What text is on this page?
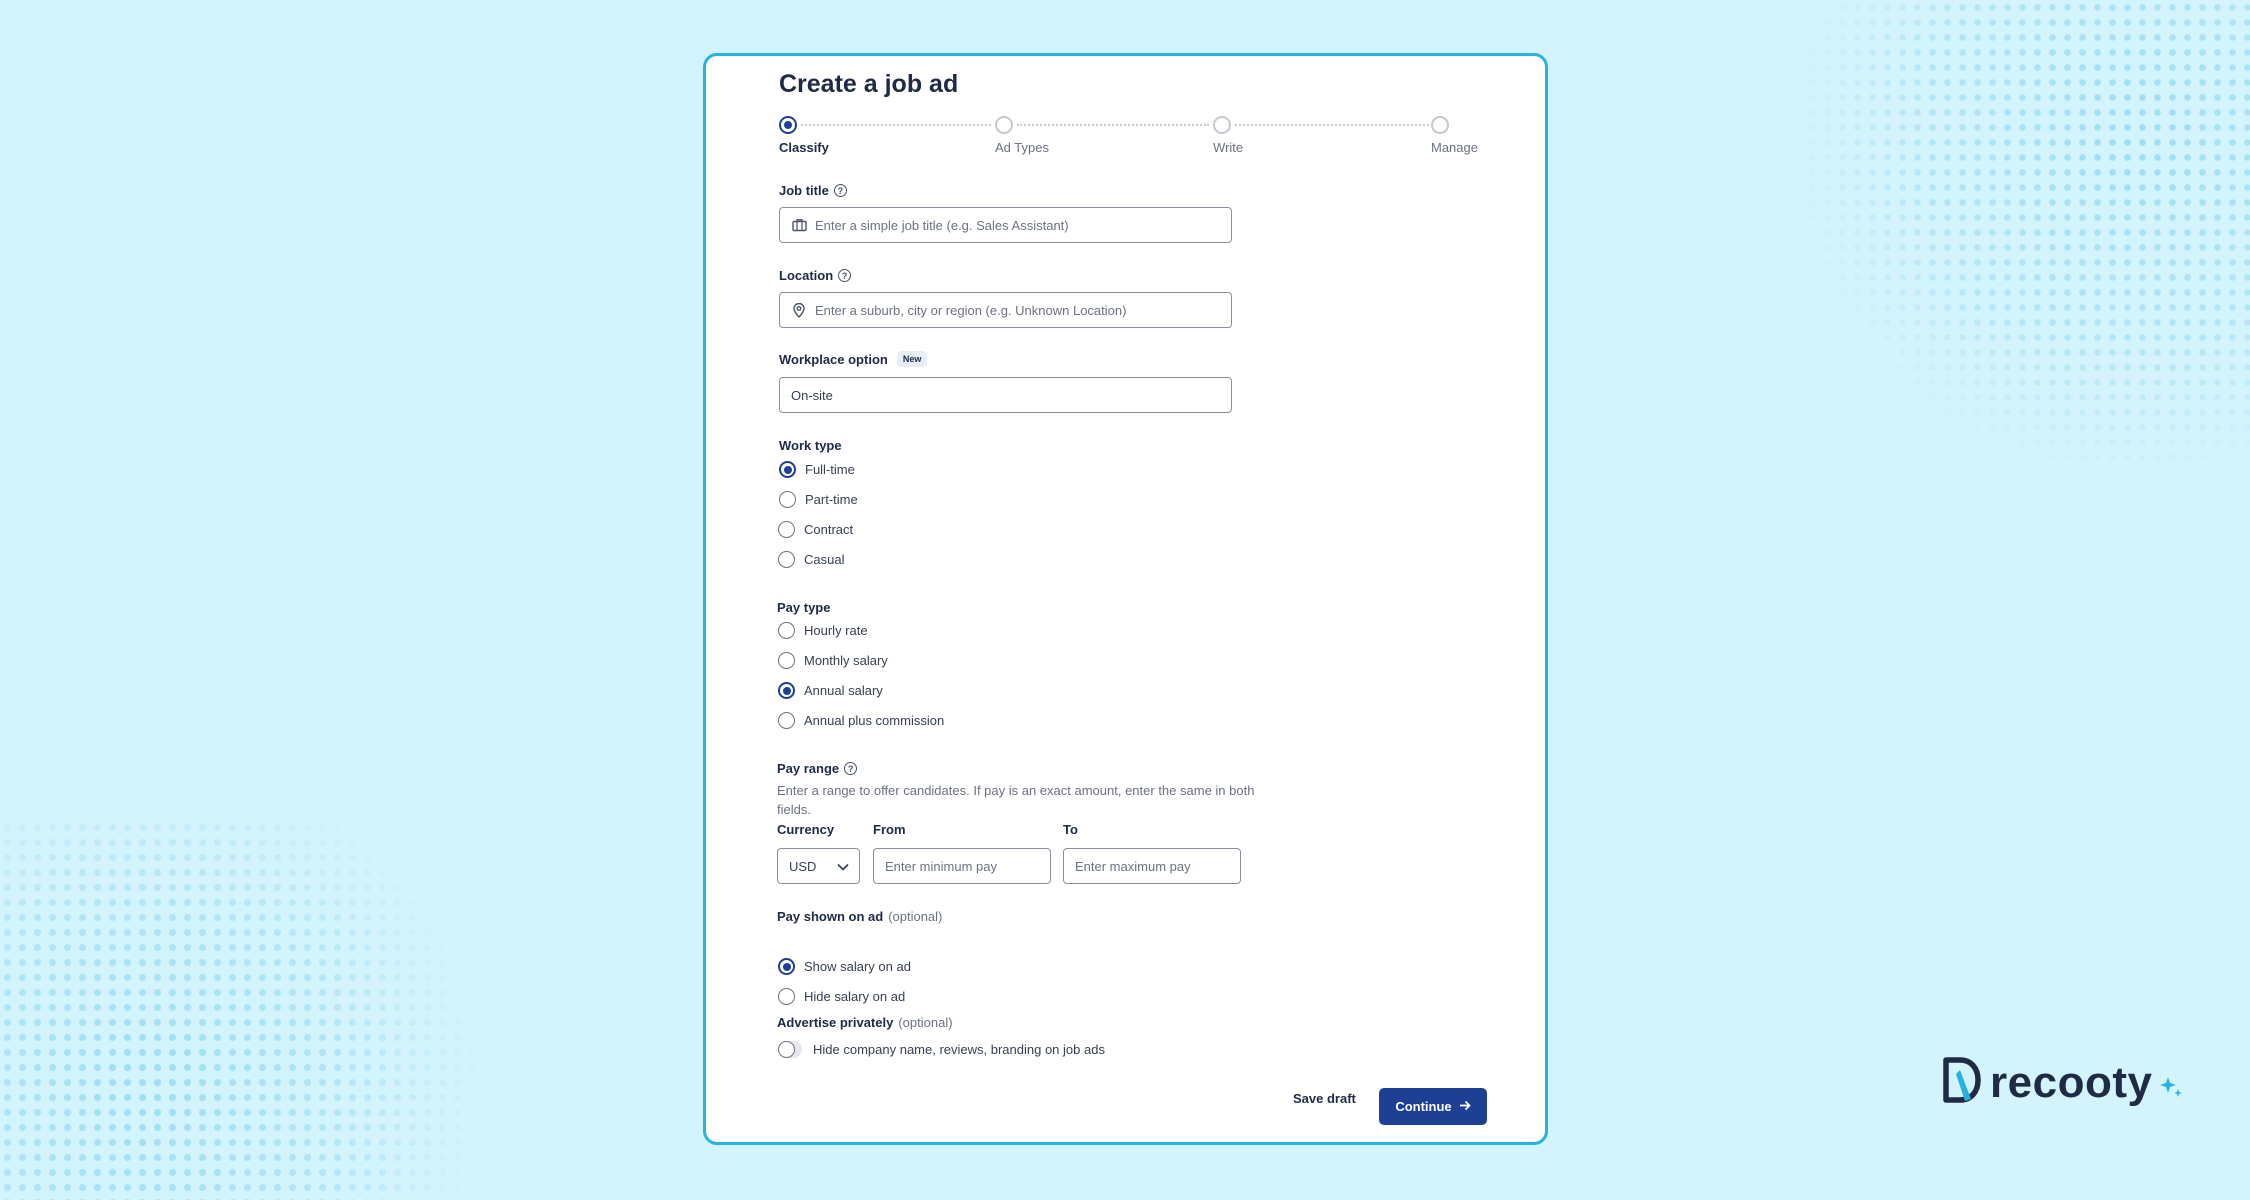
Create a job ad
Classify	Ad Types	Write	Manage
Job title ?
Enter a simple job title (e.g. Sales Assistant)
Location ?
Enter a suburb, city or region (e.g. Unknown Location)
Workplace option	New
On-site
Work type
Full-time
Part-time
Contract
Casual
Pay type
Hourly rate
Monthly salary
Annual salary
Annual plus commission
Pay range ?
Enter a range to offer candidates. If pay is an exact amount, enter the same in both fields.
Currency	From	To
USD	Enter minimum pay	Enter maximum pay
Pay shown on ad (optional)
Hide salary on ad
Show salary on ad
Advertise privately (optional)
Hide company name, reviews, branding on job ads
Save draft
Continue	recooty
